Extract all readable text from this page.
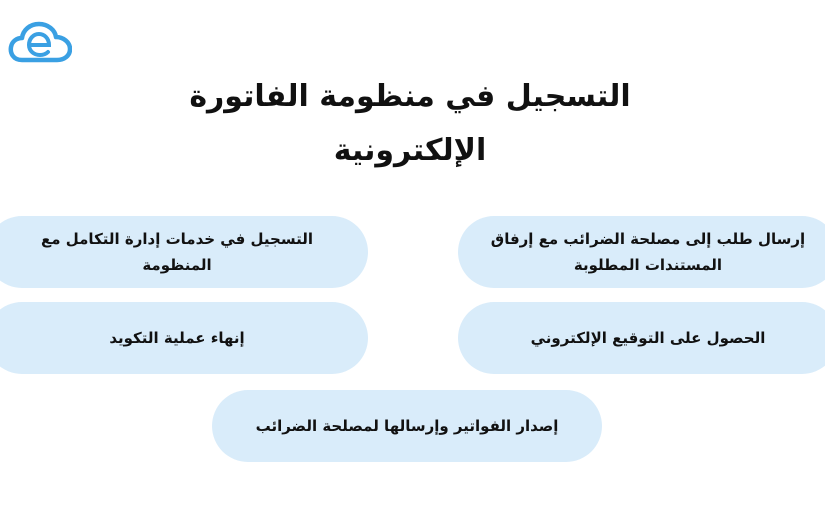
التسجيل في منظومة الفاتورة
الإلكترونية
إرسال طلب إلى مصلحة الضرائب مع إرفاق المستندات المطلوبة
التسجيل في خدمات إدارة التكامل مع المنظومة
الحصول على التوقيع الإلكتروني
إنهاء عملية التكويد
إصدار الفواتير وإرسالها لمصلحة الضرائب
